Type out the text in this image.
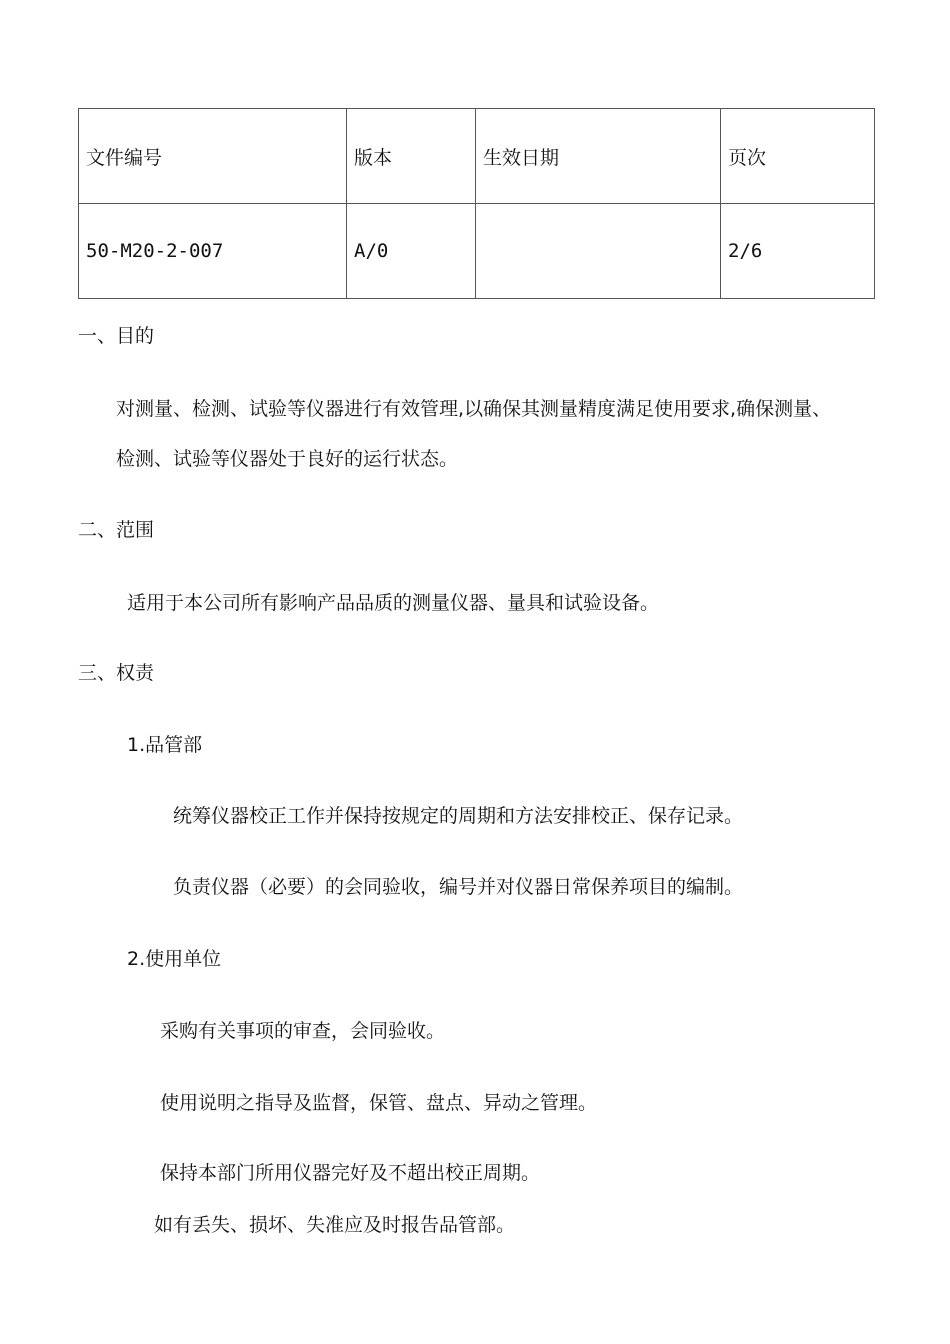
文件编号	版本	生效日期	页次
50-M20-2-007	A/0		2/6
一、目的
对测量、检测、试验等仪器进行有效管理,以确保其测量精度满足使用要求,确保测量、
检测、试验等仪器处于良好的运行状态。
二、范围
适用于本公司所有影响产品品质的测量仪器、量具和试验设备。
三、权责
1.品管部
统筹仪器校正工作并保持按规定的周期和方法安排校正、保存记录。
负责仪器（必要）的会同验收，编号并对仪器日常保养项目的编制。
2.使用单位
采购有关事项的审查，会同验收。
使用说明之指导及监督，保管、盘点、异动之管理。
保持本部门所用仪器完好及不超出校正周期。
如有丢失、损坏、失准应及时报告品管部。
